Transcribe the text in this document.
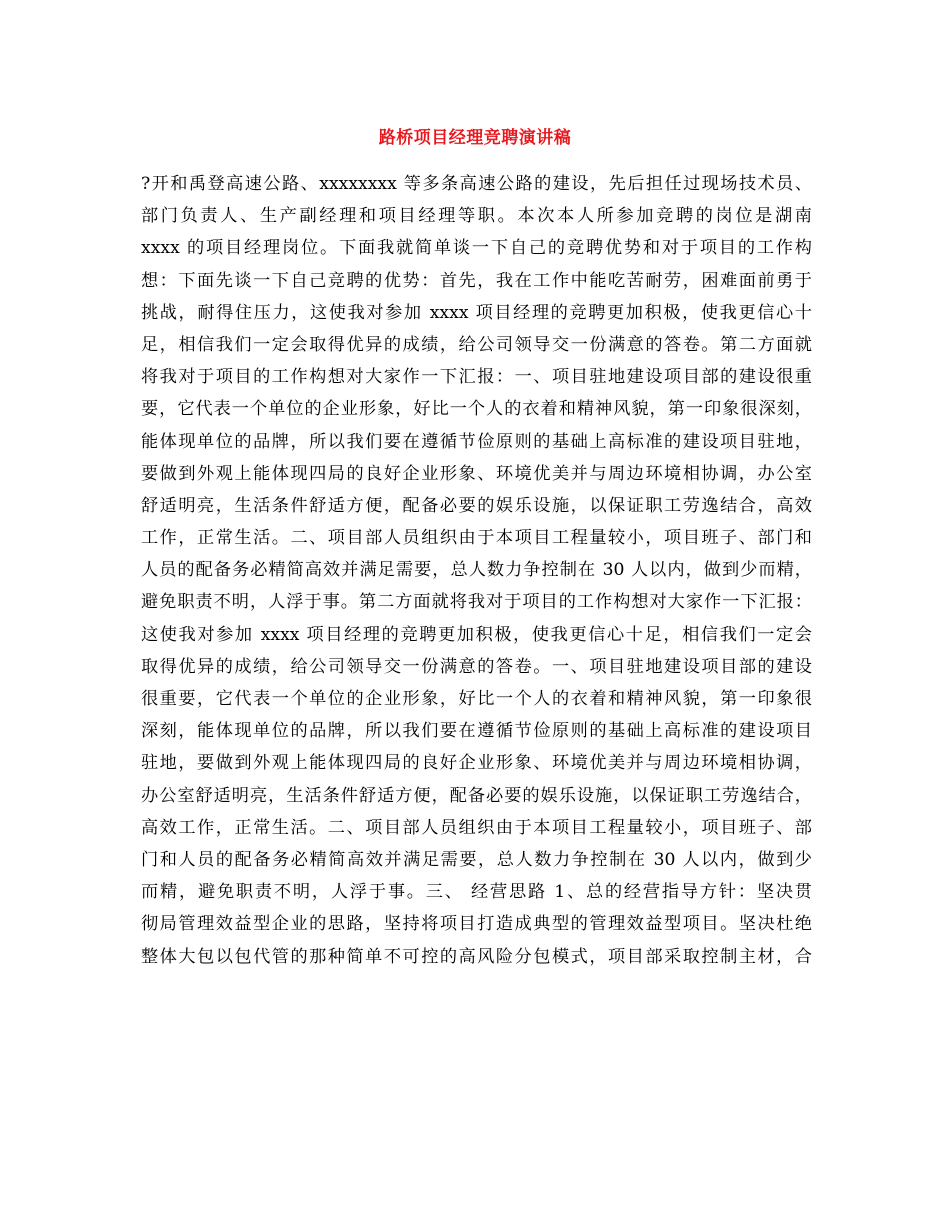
路桥项目经理竞聘演讲稿
?开和禹登高速公路、xxxxxxxx 等多条高速公路的建设，先后担任过现场技术员、
部门负责人、生产副经理和项目经理等职。本次本人所参加竞聘的岗位是湖南
xxxx 的项目经理岗位。下面我就简单谈一下自己的竞聘优势和对于项目的工作构
想：下面先谈一下自己竞聘的优势：首先，我在工作中能吃苦耐劳，困难面前勇于
挑战，耐得住压力，这使我对参加 xxxx 项目经理的竞聘更加积极，使我更信心十
足，相信我们一定会取得优异的成绩，给公司领导交一份满意的答卷。第二方面就
将我对于项目的工作构想对大家作一下汇报：一、项目驻地建设项目部的建设很重
要，它代表一个单位的企业形象，好比一个人的衣着和精神风貌，第一印象很深刻，
能体现单位的品牌，所以我们要在遵循节俭原则的基础上高标准的建设项目驻地，
要做到外观上能体现四局的良好企业形象、环境优美并与周边环境相协调，办公室
舒适明亮，生活条件舒适方便，配备必要的娱乐设施，以保证职工劳逸结合，高效
工作，正常生活。二、项目部人员组织由于本项目工程量较小，项目班子、部门和
人员的配备务必精简高效并满足需要，总人数力争控制在 30 人以内，做到少而精，
避免职责不明，人浮于事。第二方面就将我对于项目的工作构想对大家作一下汇报：
这使我对参加 xxxx 项目经理的竞聘更加积极，使我更信心十足，相信我们一定会
取得优异的成绩，给公司领导交一份满意的答卷。一、项目驻地建设项目部的建设
很重要，它代表一个单位的企业形象，好比一个人的衣着和精神风貌，第一印象很
深刻，能体现单位的品牌，所以我们要在遵循节俭原则的基础上高标准的建设项目
驻地，要做到外观上能体现四局的良好企业形象、环境优美并与周边环境相协调，
办公室舒适明亮，生活条件舒适方便，配备必要的娱乐设施，以保证职工劳逸结合，
高效工作，正常生活。二、项目部人员组织由于本项目工程量较小，项目班子、部
门和人员的配备务必精简高效并满足需要，总人数力争控制在 30 人以内，做到少
而精，避免职责不明，人浮于事。三、 经营思路 1、总的经营指导方针：坚决贯
彻局管理效益型企业的思路，坚持将项目打造成典型的管理效益型项目。坚决杜绝
整体大包以包代管的那种简单不可控的高风险分包模式，项目部采取控制主材，合
